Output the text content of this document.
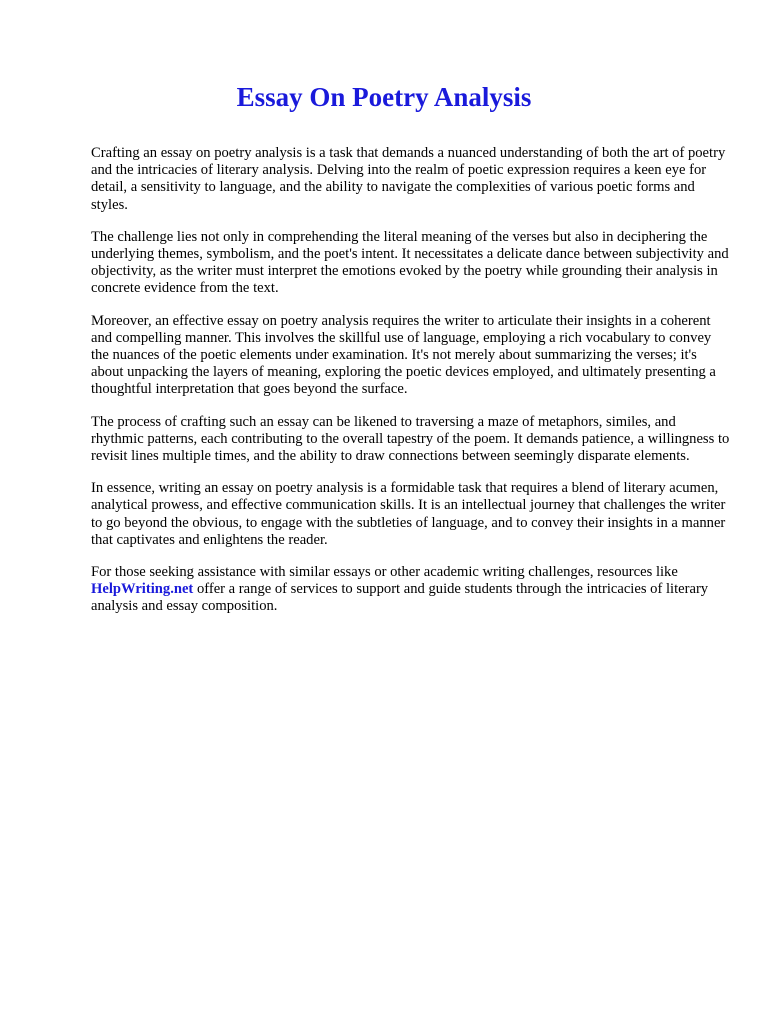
Essay On Poetry Analysis

Crafting an essay on poetry analysis is a task that demands a nuanced understanding of both the art of poetry and the intricacies of literary analysis. Delving into the realm of poetic expression requires a keen eye for detail, a sensitivity to language, and the ability to navigate the complexities of various poetic forms and styles.

The challenge lies not only in comprehending the literal meaning of the verses but also in deciphering the underlying themes, symbolism, and the poet's intent. It necessitates a delicate dance between subjectivity and objectivity, as the writer must interpret the emotions evoked by the poetry while grounding their analysis in concrete evidence from the text.

Moreover, an effective essay on poetry analysis requires the writer to articulate their insights in a coherent and compelling manner. This involves the skillful use of language, employing a rich vocabulary to convey the nuances of the poetic elements under examination. It's not merely about summarizing the verses; it's about unpacking the layers of meaning, exploring the poetic devices employed, and ultimately presenting a thoughtful interpretation that goes beyond the surface.

The process of crafting such an essay can be likened to traversing a maze of metaphors, similes, and rhythmic patterns, each contributing to the overall tapestry of the poem. It demands patience, a willingness to revisit lines multiple times, and the ability to draw connections between seemingly disparate elements.

In essence, writing an essay on poetry analysis is a formidable task that requires a blend of literary acumen, analytical prowess, and effective communication skills. It is an intellectual journey that challenges the writer to go beyond the obvious, to engage with the subtleties of language, and to convey their insights in a manner that captivates and enlightens the reader.

For those seeking assistance with similar essays or other academic writing challenges, resources like HelpWriting.net offer a range of services to support and guide students through the intricacies of literary analysis and essay composition.
